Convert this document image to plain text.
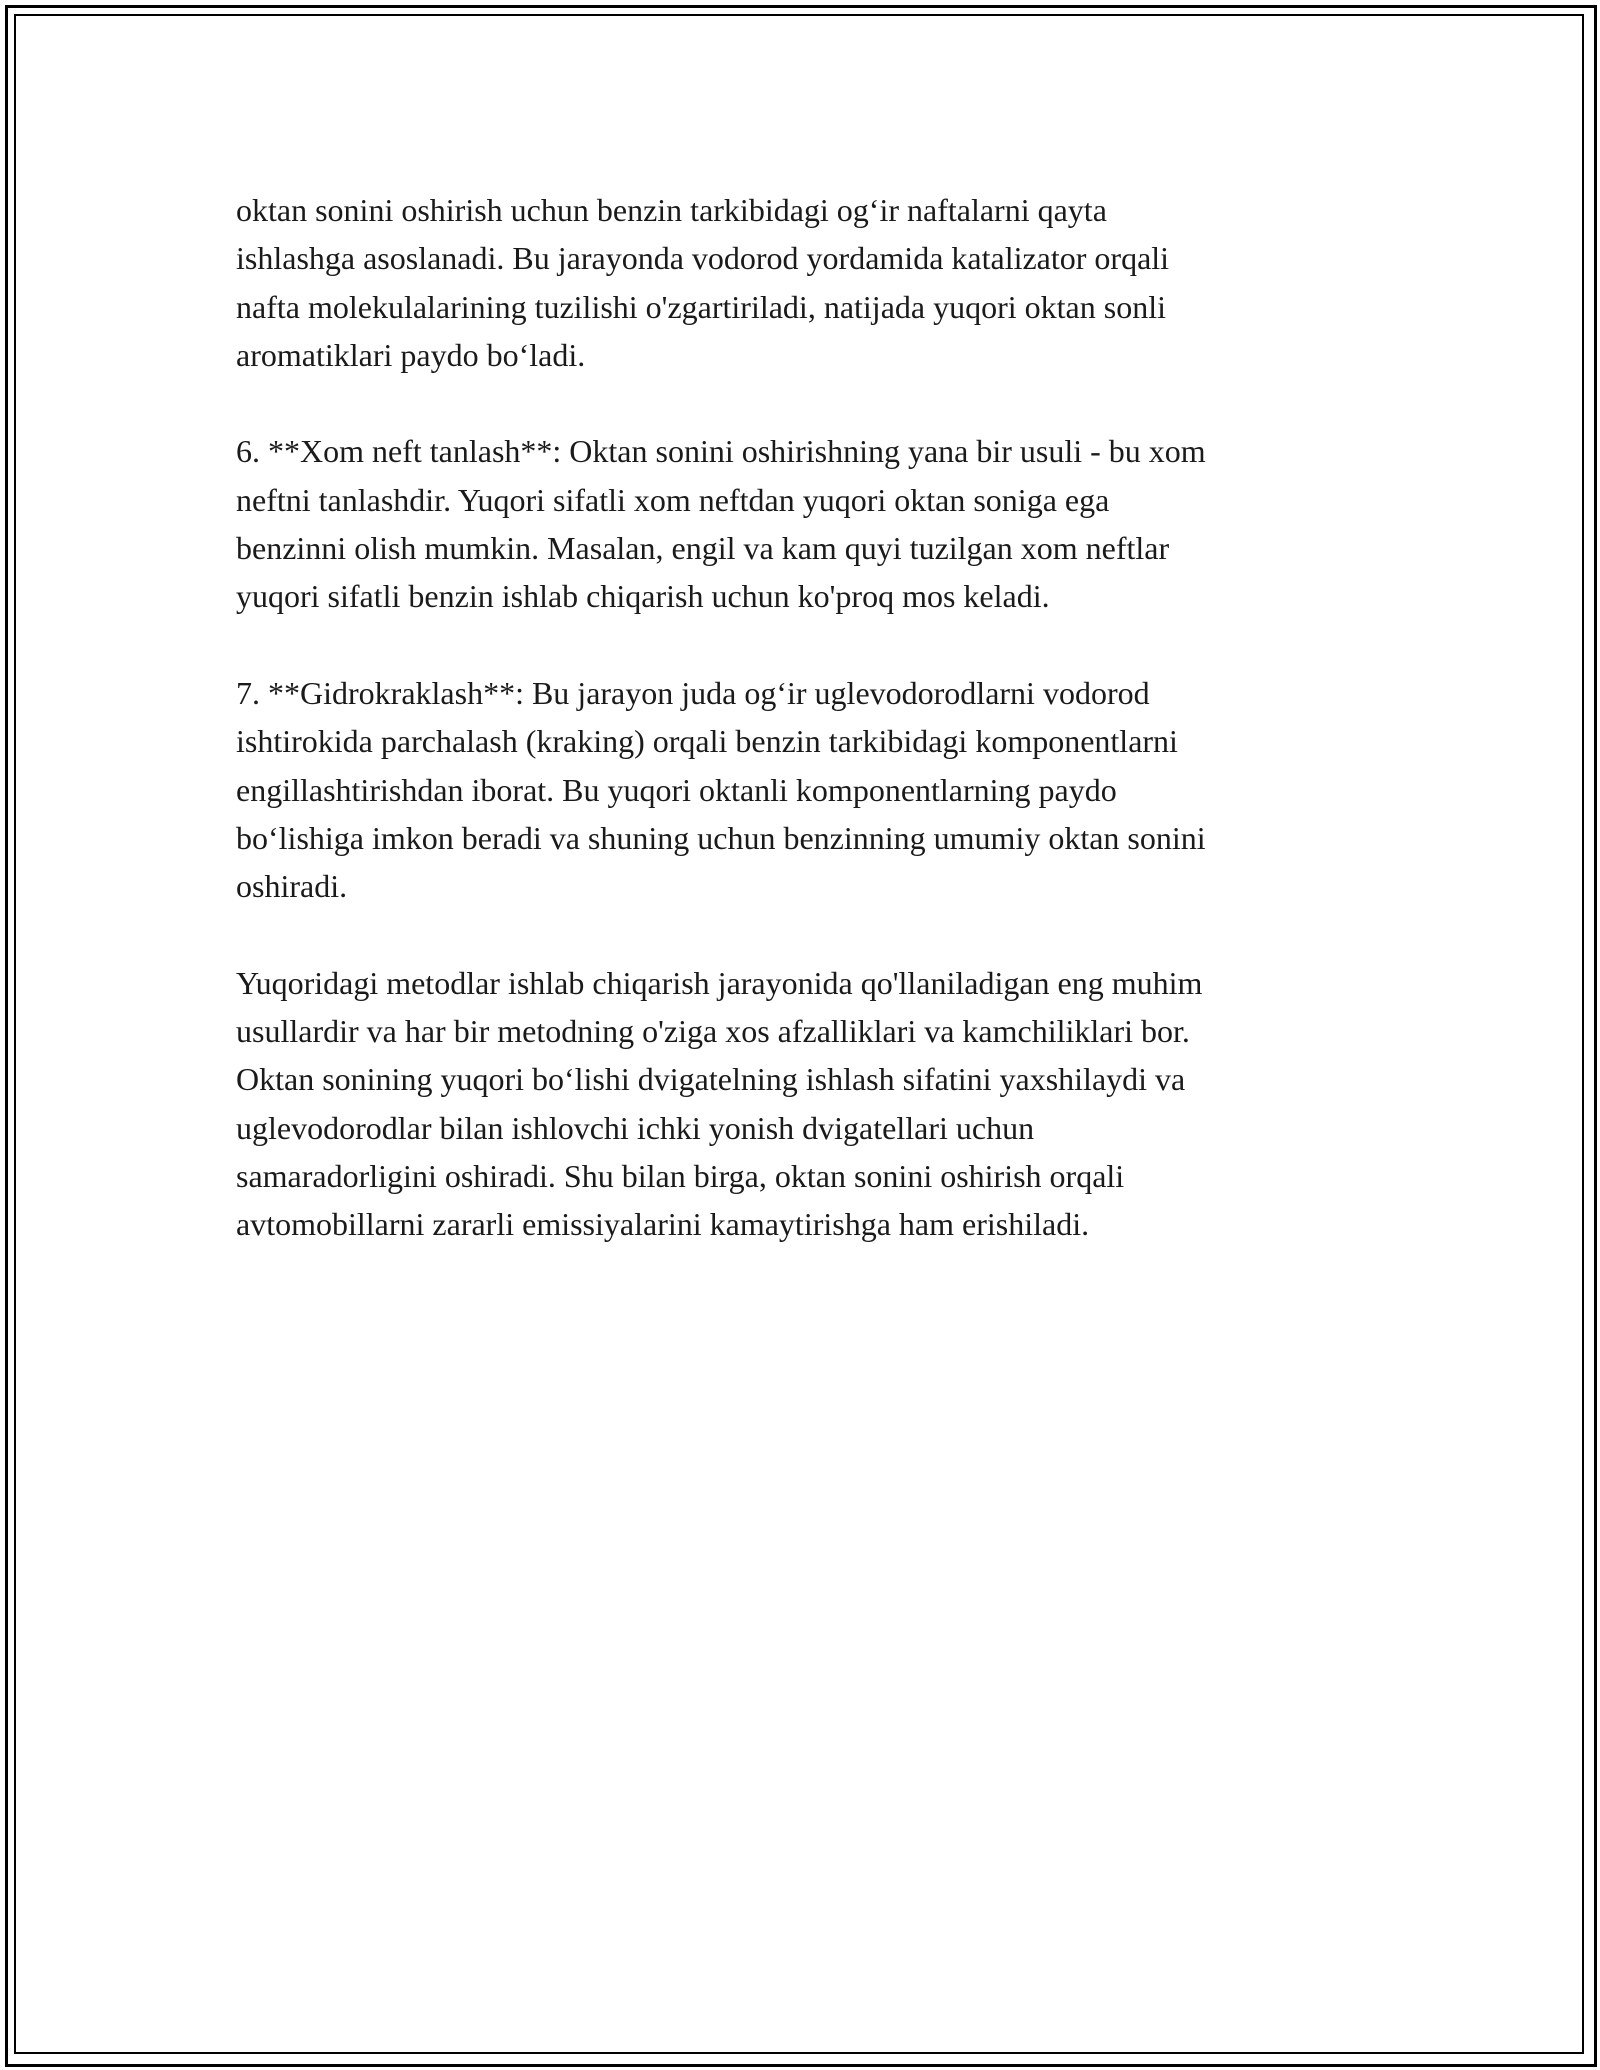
oktan sonini oshirish uchun benzin tarkibidagi og‘ir naftalarni qayta
ishlashga asoslanadi. Bu jarayonda vodorod yordamida katalizator orqali
nafta molekulalarining tuzilishi o'zgartiriladi, natijada yuqori oktan sonli
aromatiklari paydo bo‘ladi.

6. **Xom neft tanlash**: Oktan sonini oshirishning yana bir usuli - bu xom
neftni tanlashdir. Yuqori sifatli xom neftdan yuqori oktan soniga ega
benzinni olish mumkin. Masalan, engil va kam quyi tuzilgan xom neftlar
yuqori sifatli benzin ishlab chiqarish uchun ko'proq mos keladi.

7. **Gidrokraklash**: Bu jarayon juda og‘ir uglevodorodlarni vodorod
ishtirokida parchalash (kraking) orqali benzin tarkibidagi komponentlarni
engillashtirishdan iborat. Bu yuqori oktanli komponentlarning paydo
bo‘lishiga imkon beradi va shuning uchun benzinning umumiy oktan sonini
oshiradi.

Yuqoridagi metodlar ishlab chiqarish jarayonida qo'llaniladigan eng muhim
usullardir va har bir metodning o'ziga xos afzalliklari va kamchiliklari bor.
Oktan sonining yuqori bo‘lishi dvigatelning ishlash sifatini yaxshilaydi va
uglevodorodlar bilan ishlovchi ichki yonish dvigatellari uchun
samaradorligini oshiradi. Shu bilan birga, oktan sonini oshirish orqali
avtomobillarni zararli emissiyalarini kamaytirishga ham erishiladi.
